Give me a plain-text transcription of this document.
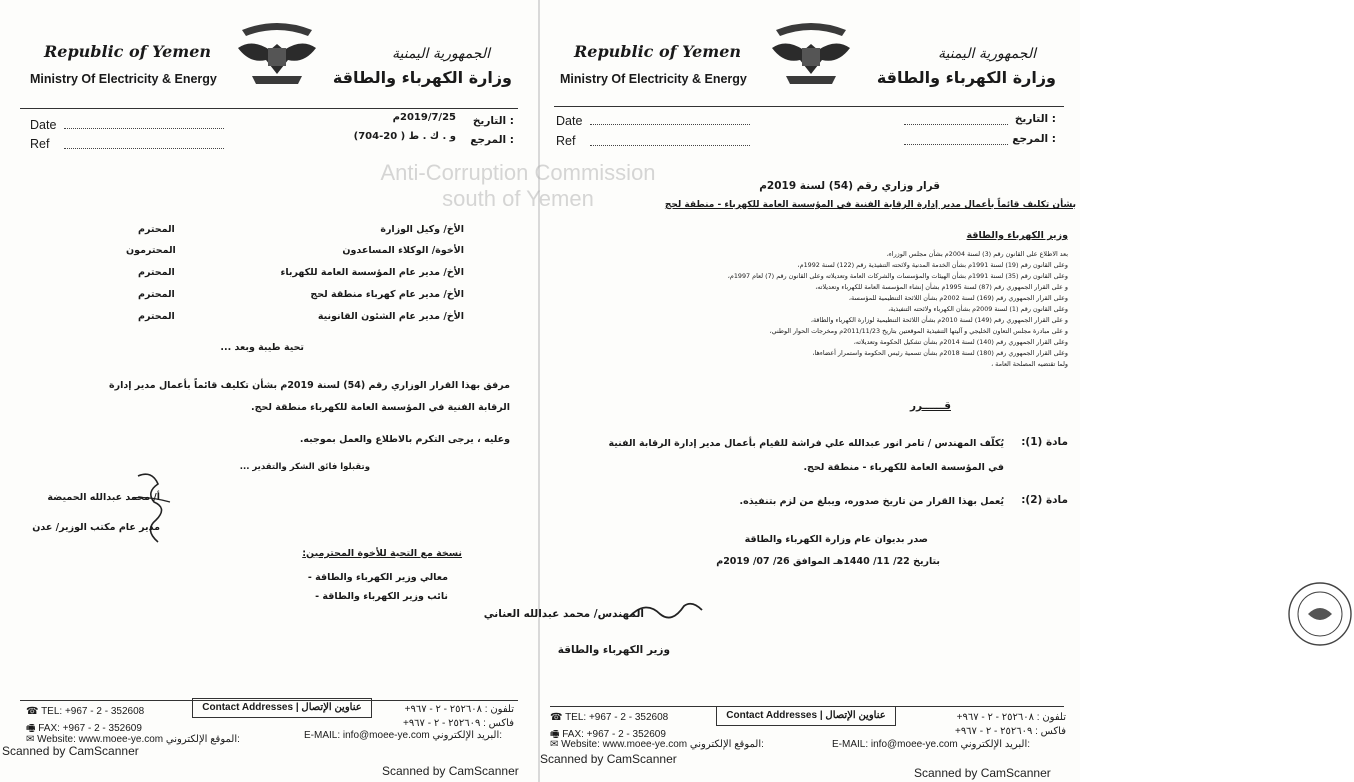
Republic of Yemen
Ministry Of Electricity & Energy
الجمهورية اليمنية
وزارة الكهرباء والطاقة
Date
Ref
: التاريخ
2019/7/25م
: المرجع
و . ك . ط ( 20-704)
الأخ/ وكيل الوزارة
المحترم
الأخوة/ الوكلاء المساعدون
المحترمون
الأخ/ مدير عام المؤسسة العامة للكهرباء
المحترم
الأخ/ مدير عام كهرباء منطقة لحج
المحترم
الأخ/ مدير عام الشئون القانونية
المحترم
تحية طيبة وبعد ...
مرفق بهذا القرار الوزاري رقم (54) لسنة 2019م بشأن تكليف قائماً بأعمال مدير إدارة
الرقابة الفنية في المؤسسة العامة للكهرباء منطقة لحج.
وعليه ، يرجى التكرم بالاطلاع والعمل بموجبه.
وتقبلوا فائق الشكر والتقدير ...
أ/ محمد عبدالله الحميضة
مدير عام مكتب الوزير/ عدن
نسخة مع التحية للأخوة المحترمين:
معالي وزير الكهرباء والطاقة -
نائب وزير الكهرباء والطاقة -
☎ TEL: +967 - 2 - 352608
🖷 FAX: +967 - 2 - 352609
Contact Addresses | عناوين الإتصال	تلفون : ٢٥٢٦٠٨ - ٢ - ٩٦٧+
فاكس : ٢٥٢٦٠٩ - ٢ - ٩٦٧+
✉ Website: www.moee-ye.com الموقع الإلكتروني:	E-MAIL: info@moee-ye.com البريد الإلكتروني:
Scanned by CamScanner
Scanned by CamScanner
Republic of Yemen
Ministry Of Electricity & Energy
الجمهورية اليمنية
وزارة الكهرباء والطاقة
Date
Ref
: التاريخ
: المرجع
قرار وزاري رقم (54) لسنة 2019م
بشأن تكليف قائماً بأعمال مدير إدارة الرقابة الفنية في المؤسسة العامة للكهرباء - منطقة لحج
وزير الكهرباء والطاقة
بعد الاطلاع على القانون رقم (3) لسنة 2004م بشأن مجلس الوزراء،
وعلى القانون رقم (19) لسنة 1991م بشأن الخدمة المدنية ولائحته التنفيذية رقم (122) لسنة 1992م،
وعلى القانون رقم (35) لسنة 1991م بشأن الهيئات والمؤسسات والشركات العامة وتعديلاته وعلى القانون رقم (7) لعام 1997م،
و على القرار الجمهوري رقم (87) لسنة 1995م بشأن إنشاء المؤسسة العامة للكهرباء وتعديلاته،
وعلى القرار الجمهوري رقم (169) لسنة 2002م بشأن اللائحة التنظيمية للمؤسسة،
وعلى القانون رقم (1) لسنة 2009م بشأن الكهرباء ولائحته التنفيذية،
و على القرار الجمهوري رقم (149) لسنة 2010م بشأن اللائحة التنظيمية لوزارة الكهرباء والطاقة،
و على مبادرة مجلس التعاون الخليجي و آليتها التنفيذية الموقعتين بتاريخ 2011/11/23م ومخرجات الحوار الوطني،
وعلى القرار الجمهوري رقم (140) لسنة 2014م بشأن تشكيل الحكومة وتعديلاته،
وعلى القرار الجمهوري رقم (180) لسنة 2018م بشأن تسمية رئيس الحكومة واستمرار أعضاءها،
ولما تقتضيه المصلحة العامة ،
قــــــرر
مادة (1):
يُكلّف المهندس / تامر انور عبدالله علي فراشة للقيام بأعمال مدير إدارة الرقابة الفنية
في المؤسسة العامة للكهرباء - منطقة لحج.
مادة (2):
يُعمل بهذا القرار من تاريخ صدوره، ويبلغ من لزم بتنفيذه.
صدر بديوان عام وزارة الكهرباء والطاقة
بتاريخ 22/ 11/ 1440هـ الموافق 26/ 07/ 2019م
المهندس/ محمد عبدالله العناني
وزير الكهرباء والطاقة
☎ TEL: +967 - 2 - 352608
🖷 FAX: +967 - 2 - 352609
Contact Addresses | عناوين الإتصال	تلفون : ٢٥٢٦٠٨ - ٢ - ٩٦٧+
فاكس : ٢٥٢٦٠٩ - ٢ - ٩٦٧+
✉ Website: www.moee-ye.com الموقع الإلكتروني:	E-MAIL: info@moee-ye.com البريد الإلكتروني:
Scanned by CamScanner
Scanned by CamScanner
Anti-Corruption Commission
south of Yemen
